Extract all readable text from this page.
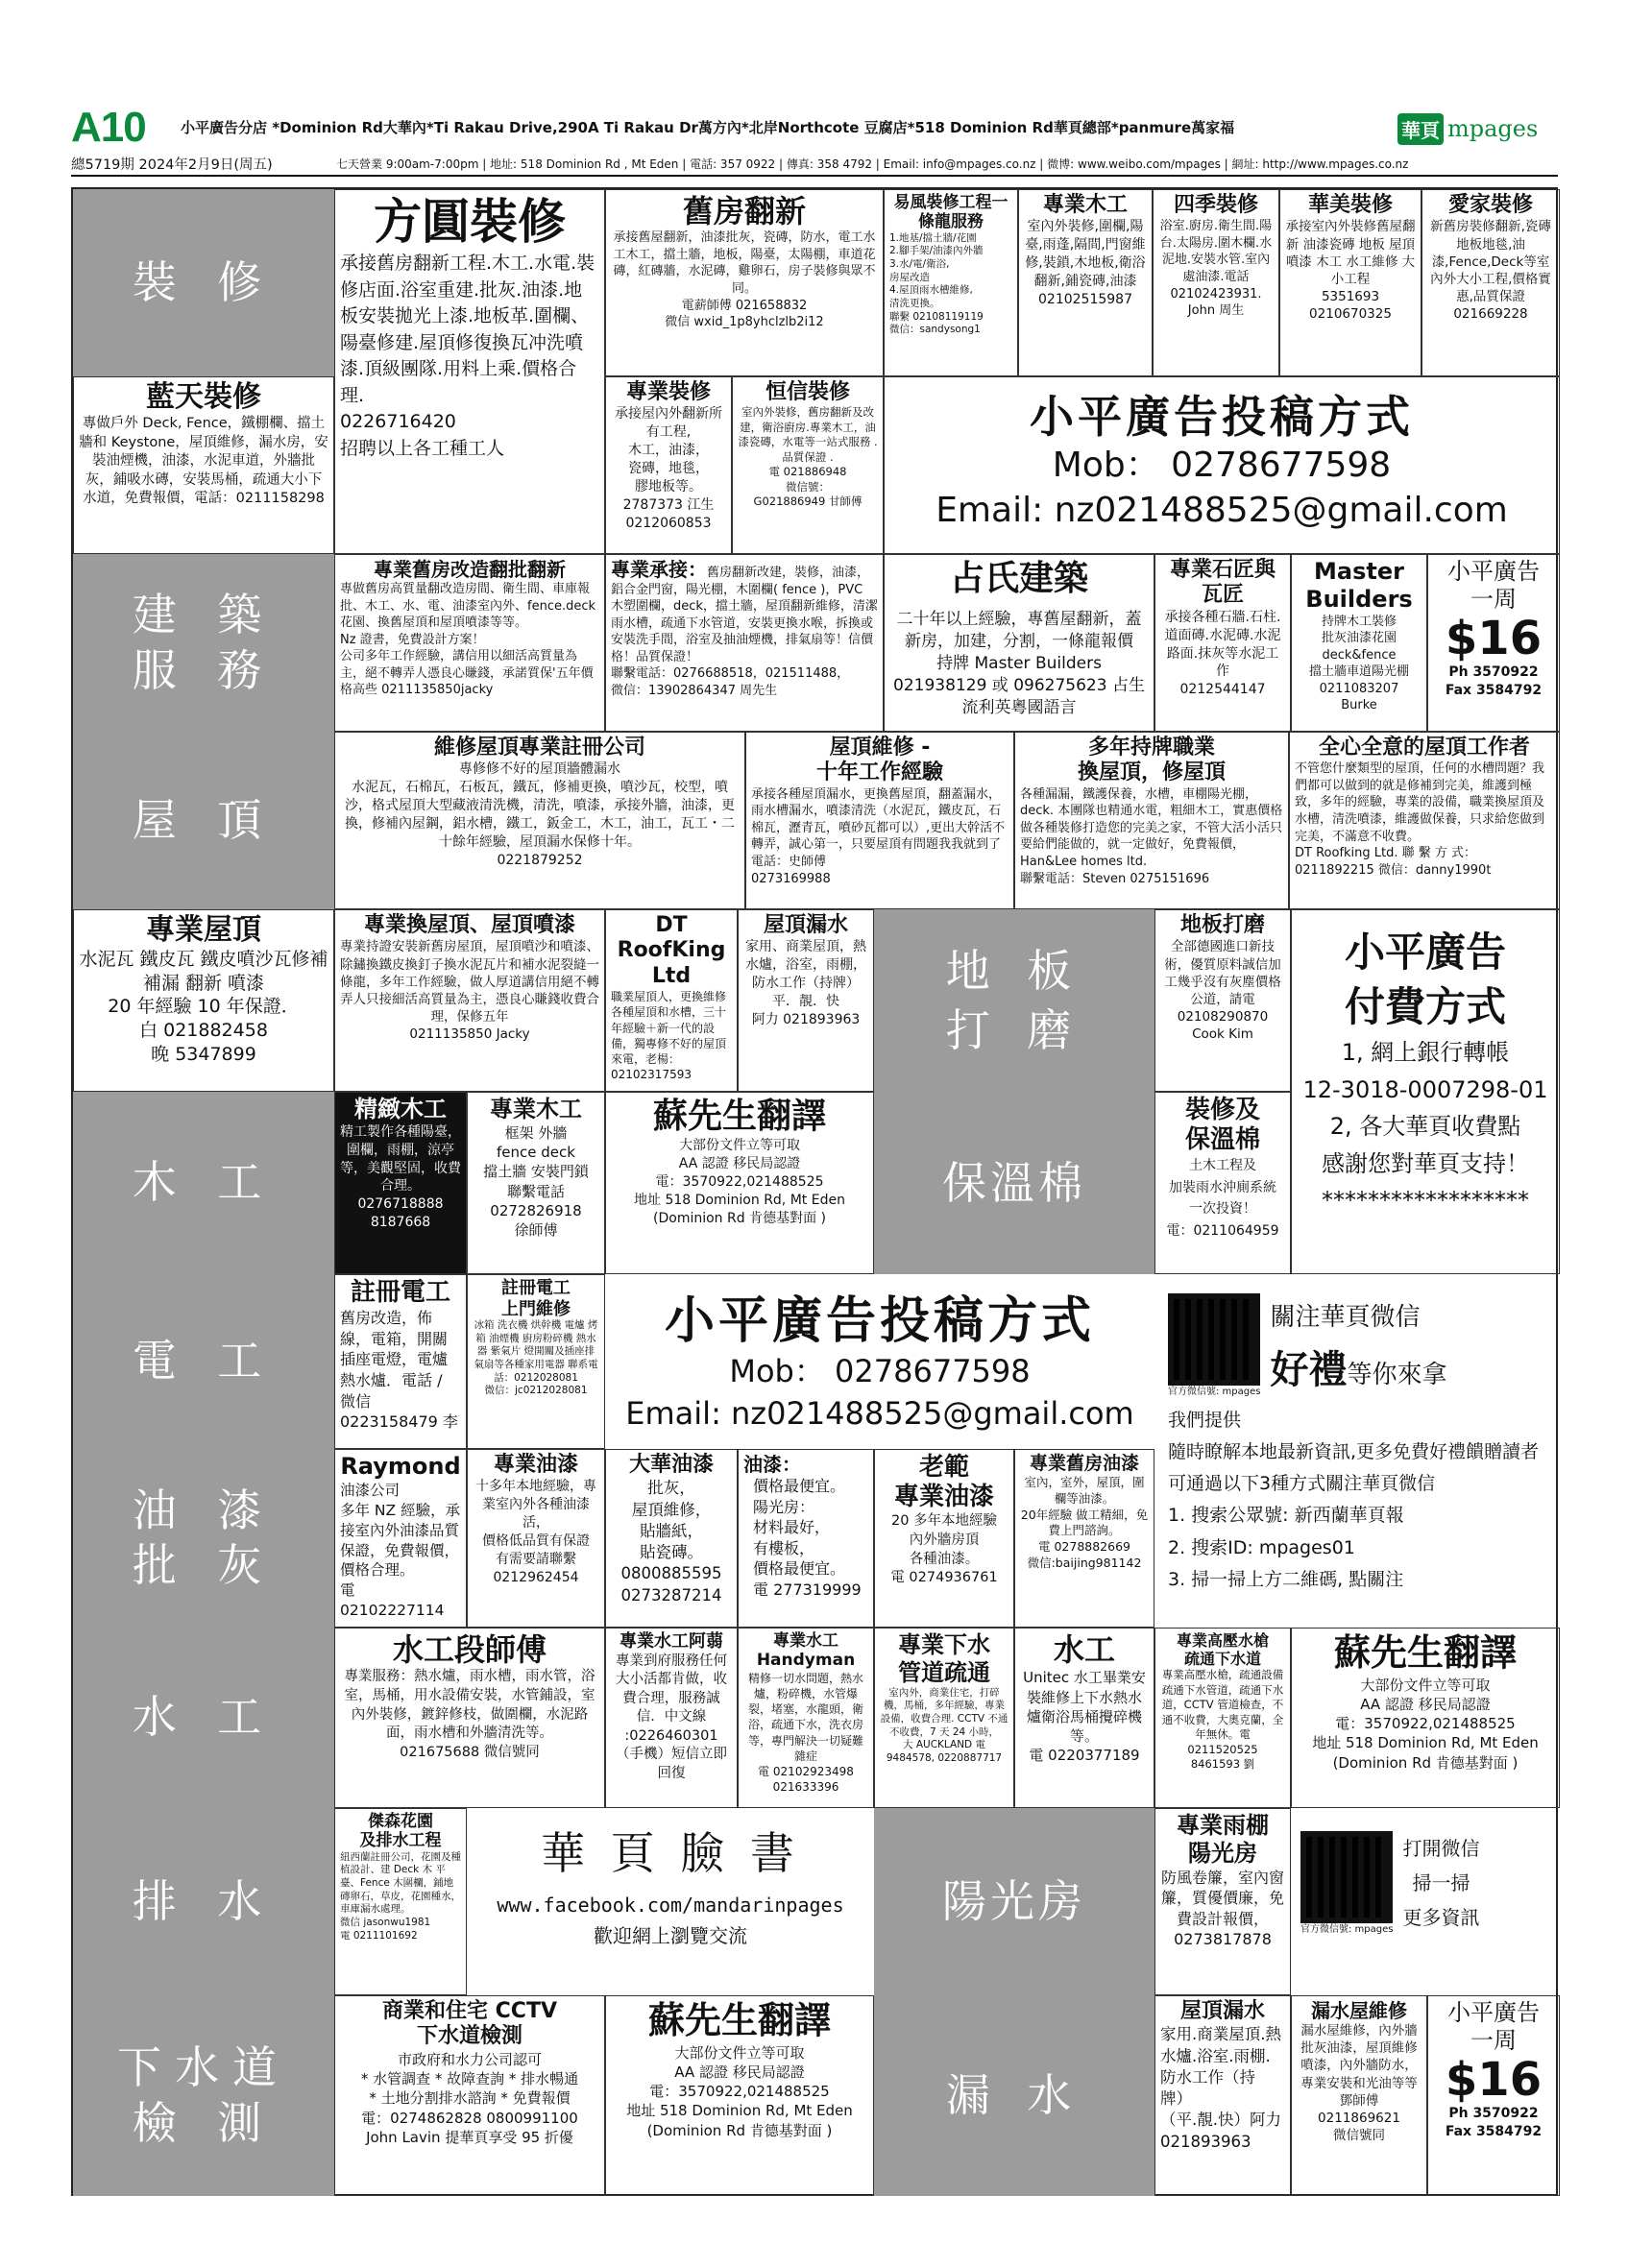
A10 小平廣告分店 *Dominion Rd大華內*Ti Rakau Drive,290A Ti Rakau Dr萬方內*北岸Northcote 豆腐店*518 Dominion Rd華頁總部*panmure萬家福	華頁 mpages
總5719期 2024年2月9日(周五)	七天營業 9:00am-7:00pm | 地址: 518 Dominion Rd , Mt Eden | 電話: 357 0922 | 傳真: 358 4792 | Email: info@mpages.co.nz | 微博: www.weibo.com/mpages | 網址: http://www.mpages.co.nz
裝 修
建 築
服 務
屋 頂
木 工
電 工
油 漆
批 灰
水 工
排 水
下水道
檢 測
方圓裝修
承接舊房翻新工程.木工.水電.裝修店面.浴室重建.批灰.油漆.地板安裝拋光上漆.地板革.圍欄、陽臺修建.屋頂修復換瓦冲洗噴漆.頂級團隊.用料上乘.價格合理.
0226716420
招聘以上各工種工人
舊房翻新
承接舊屋翻新，油漆批灰，瓷磚，防水，電工水工木工，擋土牆，地板，陽臺，太陽棚，車道花磚，紅磚牆，水泥磚，雞卵石，房子裝修與眾不同。
電薪師傅 021658832
微信 wxid_1p8yhclzlb2i12
易風裝修工程一條龍服務
1.地基/擋土牆/花園
2.腳手架/油漆內外牆
3.水/電/衛浴,
房屋改造
4.屋頂雨水槽維修,
清洗更換。
聯繫 02108119119
微信：sandysong1
專業木工
室內外裝修,圍欄,陽臺,雨蓬,隔間,門窗維修,裝鎖,木地板,衛浴翻新,鋪瓷磚,油漆
02102515987
四季裝修
浴室.廚房.衛生間.陽台.太陽房.圍木欄.水泥地.安裝水管.室內處油漆.電話
02102423931.
John 周生
華美裝修
承接室內外裝修舊屋翻新 油漆瓷磚 地板 屋頂噴漆 木工 水工維修 大小工程
5351693
0210670325
愛家裝修
新舊房裝修翻新,瓷磚地板地毯,油漆,Fence,Deck等室內外大小工程,價格實惠,品質保證 021669228
藍天裝修
專做戶外 Deck, Fence，鐵棚欄、擋土牆和 Keystone，屋頂維修，漏水房，安裝油煙機，油漆，水泥車道，外牆批灰，鋪吸水磚，安裝馬桶，疏通大小下水道，免費報價，電話：0211158298
專業裝修
承接屋內外翻新所有工程,
木工，油漆，
瓷磚，地毯，
膠地板等。
2787373 江生
0212060853
恒信裝修
室內外裝修，舊房翻新及改建，衛浴廚房.專業木工，油漆瓷磚，水電等一站式服務 .品質保證 .
電 021886948
微信號：
G021886949 甘師傅
小平廣告投稿方式
Mob： 0278677598
Email: nz021488525@gmail.com
專業舊房改造翻批翻新
專做舊房高質量翻改造房間、衛生間、車庫報批、木工、水、電、油漆室內外、fence.deck 花園、換舊屋頂和屋頂噴漆等等。
Nz 證書，免費設計方案！
公司多年工作經驗，講信用以細活高質量為主，絕不轉弄人憑良心賺錢，承諾質保'五年價格高些 0211135850jacky
專業承接：舊房翻新改建，裝修，油漆，鋁合金門窗，陽光棚，木圍欄( fence )，PVC 木塑圍欄，deck，擋土牆，屋頂翻新維修，清潔雨水槽，疏通下水管道，安裝更換水喉，拆換或安裝洗手間，浴室及抽油煙機，排氣扇等！信價格！品質保證！
聯繫電話：0276688518，021511488，
微信：13902864347 周先生
占氏建築
二十年以上經驗，專舊屋翻新，蓋新房，加建，分割，一條龍報價
持牌 Master Builders
021938129 或 096275623 占生
流利英粵國語言
專業石匠與瓦匠
承接各種石牆.石柱.道面磚.水泥磚.水泥路面.抹灰等水泥工作
0212544147
Master Builders
持牌木工裝修
批灰油漆花園
deck&fence
擋土牆車道陽光棚
0211083207
Burke
小平廣告
一周
$16
Ph 3570922
Fax 3584792
維修屋頂專業註冊公司
專修修不好的屋頂牆體漏水
水泥瓦，石棉瓦，石板瓦，鐵瓦，修補更換，噴沙瓦，校型，噴沙，格式屋頂大型藏液清洗機，清洗，噴漆，承接外牆，油漆，更換，修補內屋鋼，鋁水槽，鐵工，鈑金工，木工，油工，瓦工・二十餘年經驗，屋頂漏水保修十年。
0221879252
屋頂維修 -
十年工作經驗
承接各種屋頂漏水，更換舊屋頂，翻蓋漏水，雨水槽漏水，噴漆清洗（水泥瓦，鐵皮瓦，石棉瓦，瀝青瓦，噴砂瓦都可以）,更出大幹活不轉弄，誠心第一，只要屋頂有問題我我就到了 電話：史師傅
0273169988
多年持牌職業
換屋頂，修屋頂
各種漏漏，鐵護保養，水槽，車棚陽光棚，deck. 本團隊也精通水電，粗細木工，實惠價格做各種裝修打造您的完美之家，不管大活小活只要給們能做的，就一定做好，免費報價，Han&Lee homes ltd.
聯繫電話：Steven 0275151696
全心全意的屋頂工作者
不管您什麼類型的屋頂，任何的水槽問題？我們都可以做到的就是修補到完美，維護到極致，多年的經驗，專業的設備，職業換屋頂及水槽，清洗噴漆，維護做保養，只求給您做到完美，不滿意不收費。
DT Roofking Ltd. 聯 繫 方 式：
0211892215 微信：danny1990t
專業屋頂
水泥瓦 鐵皮瓦 鐵皮噴沙瓦修補 補漏 翻新 噴漆
20 年經驗 10 年保證．
白 021882458
晚 5347899
專業換屋頂、屋頂噴漆
專業持證安裝新舊房屋頂，屋頂噴沙和噴漆、除鏽換鐵皮換釘子換水泥瓦片和補水泥裂縫一條龍，多年工作經驗，做人厚道講信用絕不轉弄人只接細活高質量為主，憑良心賺錢收費合理，保修五年
0211135850 Jacky
DT RoofKing Ltd
職業屋頂人，更換維修各種屋頂和水槽，三十年經驗＋新一代的設備，獨專修不好的屋頂來電，老楊：
02102317593
屋頂漏水
家用、商業屋頂，熱水爐，浴室，雨棚，
防水工作（持牌）
平．靚．快
阿力 021893963
地 板
打 磨
地板打磨
全部德國進口新技術，優質原料誠信加工幾乎沒有灰塵價格公道，請電
02108290870
Cook Kim
小平廣告
付費方式
1, 網上銀行轉帳
12-3018-0007298-01
2, 各大華頁收費點
感謝您對華頁支持！
******************
精緻木工
精工製作各種陽臺，圍欄，雨棚，涼亭等，美觀堅固，收費合理。
0276718888
8187668
專業木工
框架 外牆
fence deck
擋土牆 安裝門鎖
聯繫電話
0272826918
徐師傅
蘇先生翻譯
大部份文件立等可取
AA 認證 移民局認證
電：3570922,021488525
地址 518 Dominion Rd, Mt Eden
(Dominion Rd 肯德基對面 )
保溫棉
裝修及
保溫棉
土木工程及
加裝雨水沖廁系統
一次投資！
電：0211064959
註冊電工
舊房改造，佈線，電箱，開關插座電燈，電爐熱水爐．電話 / 微信
0223158479 李
註冊電工
上門維修
冰箱 洗衣機 烘幹機 電爐 烤箱 油煙機 廚房粉碎機 熱水器 紫氣片 燈開關及插座排氣扇等各種家用電器 聯系電話：0212028081
微信：jc0212028081
小平廣告投稿方式
Mob： 0278677598
Email: nz021488525@gmail.com
官方微信號: mpages
關注華頁微信
好禮等你來拿
我們提供
隨時瞭解本地最新資訊,更多免費好禮饋贈讀者
可通過以下3種方式關注華頁微信
1. 搜索公眾號: 新西蘭華頁報
2. 搜索ID: mpages01
3. 掃一掃上方二維碼, 點關注
Raymond
油漆公司
多年 NZ 經驗，承接室內外油漆品質保證，免費報價，價格合理。
電 02102227114
專業油漆
十多年本地經驗，專業室內外各種油漆活，
價格低品質有保證
有需要請聯繫
0212962454
大華油漆
批灰，
屋頂維修，
貼牆紙，
貼瓷磚。
0800885595
0273287214
油漆：
價格最便宜。
陽光房：
材料最好，
有樓板，
價格最便宜。
電 277319999
老範
專業油漆
20 多年本地經驗
內外牆房頂
各種油漆。
電 0274936761
專業舊房油漆
室內，室外，屋頂，圍欄等油漆。
20年經驗 做工精細，免費上門諮詢。
電 0278882669
微信:baijing981142
水工段師傅
專業服務：熱水爐，雨水槽，雨水管，浴室，馬桶，用水設備安裝，水管鋪設，室內外裝修，鍍鋅修枝，做圍欄，水泥路面，雨水槽和外牆清洗等。
021675688 微信號同
專業水工阿蒻
專業到府服務任何大小活都肯做，收費合理，服務誠信．中文線 :0226460301（手機）短信立即回復
專業水工
Handyman
精修一切水問題，熱水爐，粉碎機，水管爆裂，堵塞，水龍頭，衛浴，疏通下水，洗衣房等，專門解決一切疑難雜症
電 02102923498
021633396
專業下水
管道疏通
室內外，商業住宅，打碎機，馬桶，多年經驗，專業設備，收費合理. CCTV 不通不收費，7 天 24 小時，
大 AUCKLAND 電
9484578, 0220887717
水工
Unitec 水工畢業安裝維修上下水熱水爐衛浴馬桶攪碎機等。
電 0220377189
專業高壓水槍
疏通下水道
專業高壓水槍，疏通設備 疏通下水管道，疏通下水道，CCTV 管道檢查，不通不收費，大奧克蘭，全年無休。電 0211520525
8461593 劉
蘇先生翻譯
大部份文件立等可取
AA 認證 移民局認證
電：3570922,021488525
地址 518 Dominion Rd, Mt Eden
(Dominion Rd 肯德基對面 )
傑森花園
及排水工程
紐西蘭註冊公司，花園及種植設計、建 Deck 木 平 臺、Fence 木圍欄，鋪地磚卵石，草皮，花園種水，車庫漏水處理。
微信 jasonwu1981
電 0211101692
華 頁 臉 書
www.facebook.com/mandarinpages
歡迎網上瀏覽交流
陽光房
專業雨棚
陽光房
防風卷簾，室內窗簾，質優價廉，免費設計報價，
0273817878
官方微信號: mpages
打開微信
掃一掃
更多資訊
商業和住宅 CCTV
下水道檢測
市政府和水力公司認可
* 水管調查 * 故障查詢 * 排水暢通
* 土地分割排水諮詢 * 免費報價
電：0274862828 0800991100
John Lavin 提華頁享受 95 折優
蘇先生翻譯
大部份文件立等可取
AA 認證 移民局認證
電：3570922,021488525
地址 518 Dominion Rd, Mt Eden
(Dominion Rd 肯德基對面 )
漏 水
屋頂漏水
家用.商業屋頂.熱水爐.浴室.雨棚.防水工作（持牌）
（平.靚.快）阿力 021893963
漏水屋維修
漏水屋維修，內外牆批灰油漆，屋頂維修噴漆，內外牆防水，專業安裝和光油等等
鄧師傅 0211869621
微信號同
小平廣告
一周
$16
Ph 3570922
Fax 3584792
